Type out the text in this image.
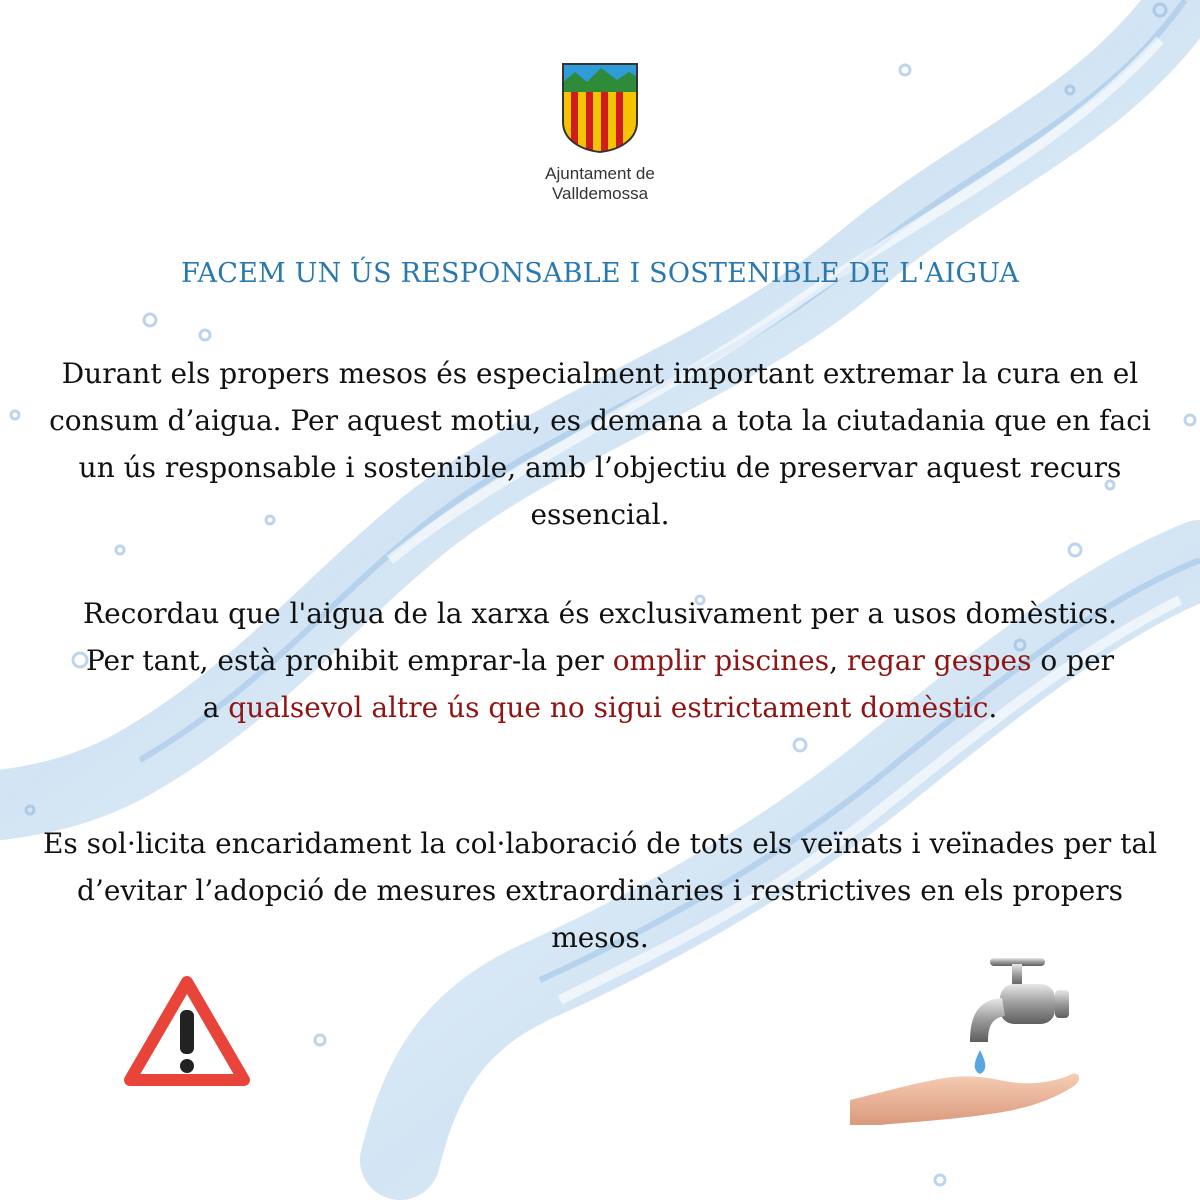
Ajuntament de
Valldemossa
FACEM UN ÚS RESPONSABLE I SOSTENIBLE DE L'AIGUA
Durant els propers mesos és especialment important extremar la cura en el consum d’aigua. Per aquest motiu, es demana a tota la ciutadania que en faci un ús responsable i sostenible, amb l’objectiu de preservar aquest recurs essencial.
Recordau que l'aigua de la xarxa és exclusivament per a usos domèstics. Per tant, està prohibit emprar-la per omplir piscines, regar gespes o per a qualsevol altre ús que no sigui estrictament domèstic.
Es sol·licita encaridament la col·laboració de tots els veïnats i veïnades per tal d’evitar l’adopció de mesures extraordinàries i restrictives en els propers mesos.
